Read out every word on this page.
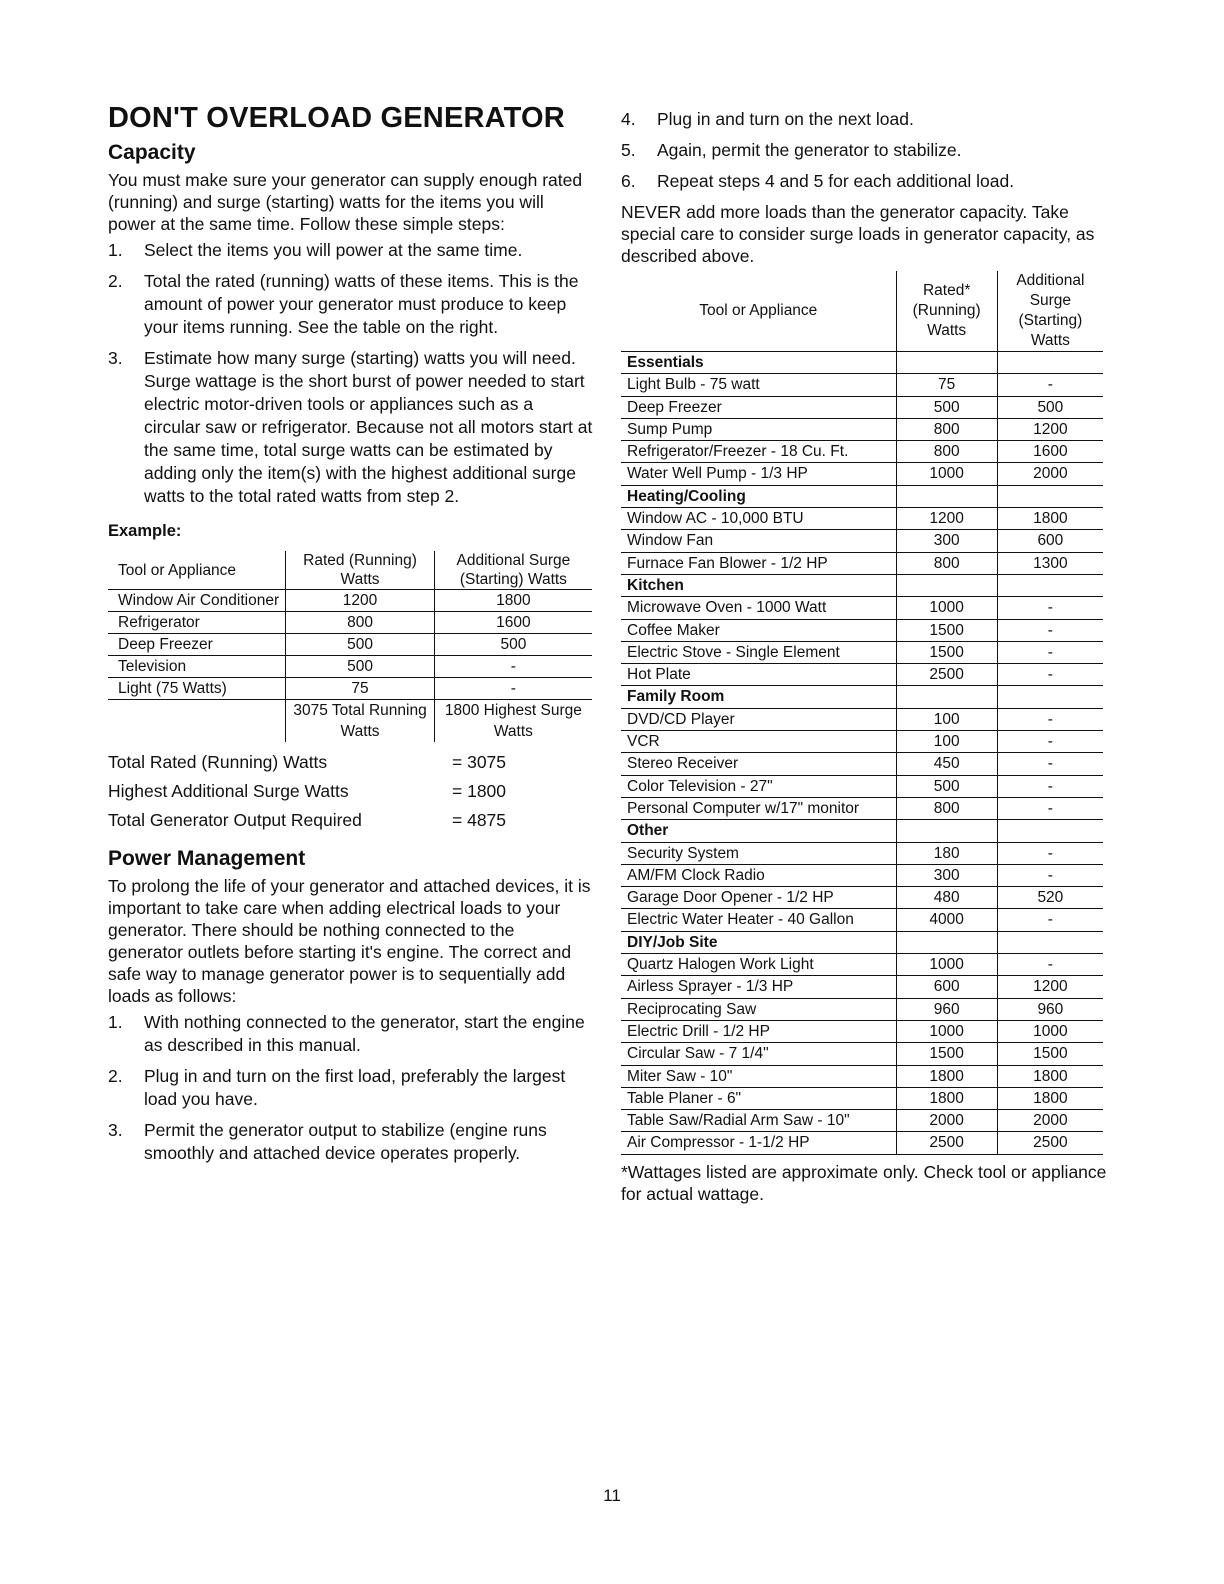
DON'T OVERLOAD GENERATOR
Capacity

You must make sure your generator can supply enough rated (running) and surge (starting) watts for the items you will power at the same time. Follow these simple steps:

1.	Select the items you will power at the same time.
2.	Total the rated (running) watts of these items. This is the amount of power your generator must produce to keep your items running. See the table on the right.
3.	Estimate how many surge (starting) watts you will need. Surge wattage is the short burst of power needed to start electric motor-driven tools or appliances such as a circular saw or refrigerator. Because not all motors start at the same time, total surge watts can be estimated by adding only the item(s) with the highest additional surge watts to the total rated watts from step 2.
Example:
Tool or Appliance	Rated (Running) Watts	Additional Surge (Starting) Watts
Window Air Conditioner	1200	1800
Refrigerator	800	1600
Deep Freezer	500	500
Television	500	-
Light (75 Watts)	75	-
	3075 Total Running Watts	1800 Highest Surge Watts
Total Rated (Running) Watts	= 3075
Highest Additional Surge Watts	= 1800
Total Generator Output Required	= 4875
Power Management

To prolong the life of your generator and attached devices, it is important to take care when adding electrical loads to your generator. There should be nothing connected to the generator outlets before starting it's engine. The correct and safe way to manage generator power is to sequentially add loads as follows:

1.	With nothing connected to the generator, start the engine as described in this manual.
2.	Plug in and turn on the first load, preferably the largest load you have.
3.	Permit the generator output to stabilize (engine runs smoothly and attached device operates properly.
4.	Plug in and turn on the next load.
5.	Again, permit the generator to stabilize.
6.	Repeat steps 4 and 5 for each additional load.

NEVER add more loads than the generator capacity. Take special care to consider surge loads in generator capacity, as described above.

Tool or Appliance	Rated* (Running) Watts	Additional Surge (Starting) Watts
Essentials		
Light Bulb - 75 watt	75	-
Deep Freezer	500	500
Sump Pump	800	1200
Refrigerator/Freezer - 18 Cu. Ft.	800	1600
Water Well Pump - 1/3 HP	1000	2000
Heating/Cooling		
Window AC - 10,000 BTU	1200	1800
Window Fan	300	600
Furnace Fan Blower - 1/2 HP	800	1300
Kitchen		
Microwave Oven - 1000 Watt	1000	-
Coffee Maker	1500	-
Electric Stove - Single Element	1500	-
Hot Plate	2500	-
Family Room		
DVD/CD Player	100	-
VCR	100	-
Stereo Receiver	450	-
Color Television - 27"	500	-
Personal Computer w/17" monitor	800	-
Other		
Security System	180	-
AM/FM Clock Radio	300	-
Garage Door Opener - 1/2 HP	480	520
Electric Water Heater - 40 Gallon	4000	-
DIY/Job Site		
Quartz Halogen Work Light	1000	-
Airless Sprayer - 1/3 HP	600	1200
Reciprocating Saw	960	960
Electric Drill - 1/2 HP	1000	1000
Circular Saw - 7 1/4"	1500	1500
Miter Saw - 10"	1800	1800
Table Planer - 6"	1800	1800
Table Saw/Radial Arm Saw - 10"	2000	2000
Air Compressor - 1-1/2 HP	2500	2500

*Wattages listed are approximate only. Check tool or appliance for actual wattage.

11
